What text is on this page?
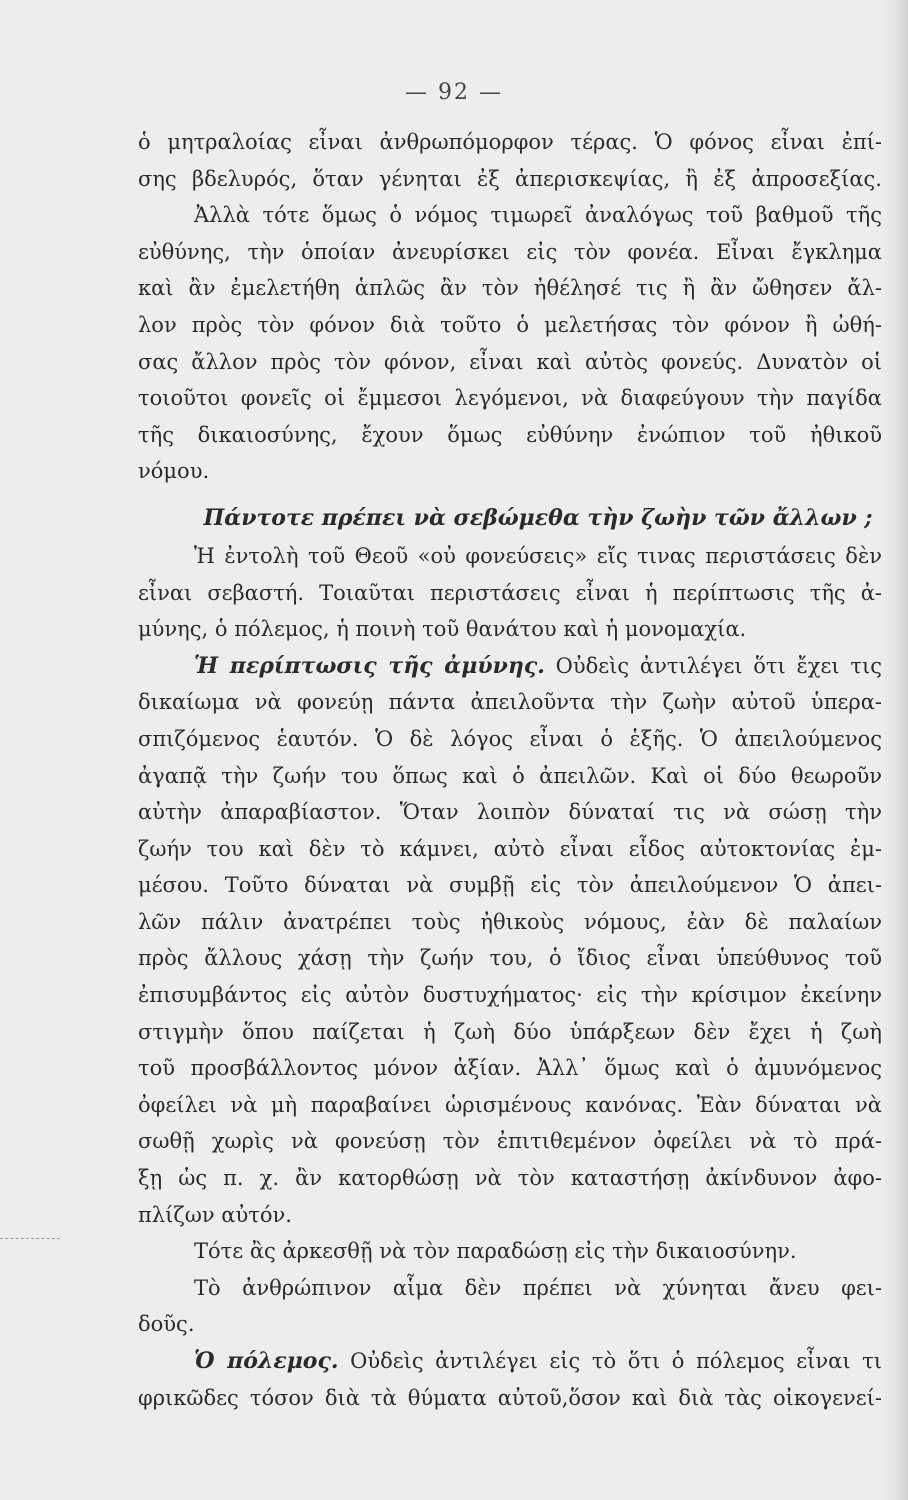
— 92 —
ὁ μητραλοίας εἶναι ἀνθρωπόμορφον τέρας. Ὁ φόνος εἶναι ἐπί-
σης βδελυρός, ὅταν γένηται ἐξ ἀπερισκεψίας, ἢ ἐξ ἀπροσεξίας.
Ἀλλὰ τότε ὅμως ὁ νόμος τιμωρεῖ ἀναλόγως τοῦ βαθμοῦ τῆς
εὐθύνης, τὴν ὁποίαν ἀνευρίσκει εἰς τὸν φονέα. Εἶναι ἔγκλημα
καὶ ἂν ἐμελετήθη ἁπλῶς ἂν τὸν ἠθέλησέ τις ἢ ἂν ὤθησεν ἄλ-
λον πρὸς τὸν φόνον διὰ τοῦτο ὁ μελετήσας τὸν φόνον ἢ ὠθή-
σας ἄλλον πρὸς τὸν φόνον, εἶναι καὶ αὐτὸς φονεύς. Δυνατὸν οἱ
τοιοῦτοι φονεῖς οἱ ἔμμεσοι λεγόμενοι, νὰ διαφεύγουν τὴν παγίδα
τῆς δικαιοσύνης, ἔχουν ὅμως εὐθύνην ἐνώπιον τοῦ ἠθικοῦ
νόμου.
Πάντοτε πρέπει νὰ σεβώμεθα τὴν ζωὴν τῶν ἄλλων ;
Ἡ ἐντολὴ τοῦ Θεοῦ «οὐ φονεύσεις» εἴς τινας περιστάσεις δὲν
εἶναι σεβαστή. Τοιαῦται περιστάσεις εἶναι ἡ περίπτωσις τῆς ἀ-
μύνης, ὁ πόλεμος, ἡ ποινὴ τοῦ θανάτου καὶ ἡ μονομαχία.
Ἡ περίπτωσις τῆς ἀμύνης. Οὐδεὶς ἀντιλέγει ὅτι ἔχει τις
δικαίωμα νὰ φονεύῃ πάντα ἀπειλοῦντα τὴν ζωὴν αὐτοῦ ὑπερα-
σπιζόμενος ἑαυτόν. Ὁ δὲ λόγος εἶναι ὁ ἑξῆς. Ὁ ἀπειλούμενος
ἀγαπᾷ τὴν ζωήν του ὅπως καὶ ὁ ἀπειλῶν. Καὶ οἱ δύο θεωροῦν
αὐτὴν ἀπαραβίαστον. Ὅταν λοιπὸν δύναταί τις νὰ σώσῃ τὴν
ζωήν του καὶ δὲν τὸ κάμνει, αὐτὸ εἶναι εἶδος αὐτοκτονίας ἐμ-
μέσου. Τοῦτο δύναται νὰ συμβῇ εἰς τὸν ἀπειλούμενον Ὁ ἀπει-
λῶν πάλιν ἀνατρέπει τοὺς ἠθικοὺς νόμους, ἐὰν δὲ παλαίων
πρὸς ἄλλους χάσῃ τὴν ζωήν του, ὁ ἴδιος εἶναι ὑπεύθυνος τοῦ
ἐπισυμβάντος εἰς αὐτὸν δυστυχήματος· εἰς τὴν κρίσιμον ἐκείνην
στιγμὴν ὅπου παίζεται ἡ ζωὴ δύο ὑπάρξεων δὲν ἔχει ἡ ζωὴ
τοῦ προσβάλλοντος μόνον ἀξίαν. Ἀλλ᾽ ὅμως καὶ ὁ ἀμυνόμενος
ὀφείλει νὰ μὴ παραβαίνει ὡρισμένους κανόνας. Ἐὰν δύναται νὰ
σωθῇ χωρὶς νὰ φονεύσῃ τὸν ἐπιτιθεμένον ὀφείλει νὰ τὸ πρά-
ξῃ ὡς π. χ. ἂν κατορθώσῃ νὰ τὸν καταστήσῃ ἀκίνδυνον ἀφο-
πλίζων αὐτόν.
Τότε ἂς ἀρκεσθῇ νὰ τὸν παραδώσῃ εἰς τὴν δικαιοσύνην.
Τὸ ἀνθρώπινον αἷμα δὲν πρέπει νὰ χύνηται ἄνευ φει-
δοῦς.
Ὁ πόλεμος. Οὐδεὶς ἀντιλέγει εἰς τὸ ὅτι ὁ πόλεμος εἶναι τι
φρικῶδες τόσον διὰ τὰ θύματα αὐτοῦ,ὅσον καὶ διὰ τὰς οἰκογενεί-
